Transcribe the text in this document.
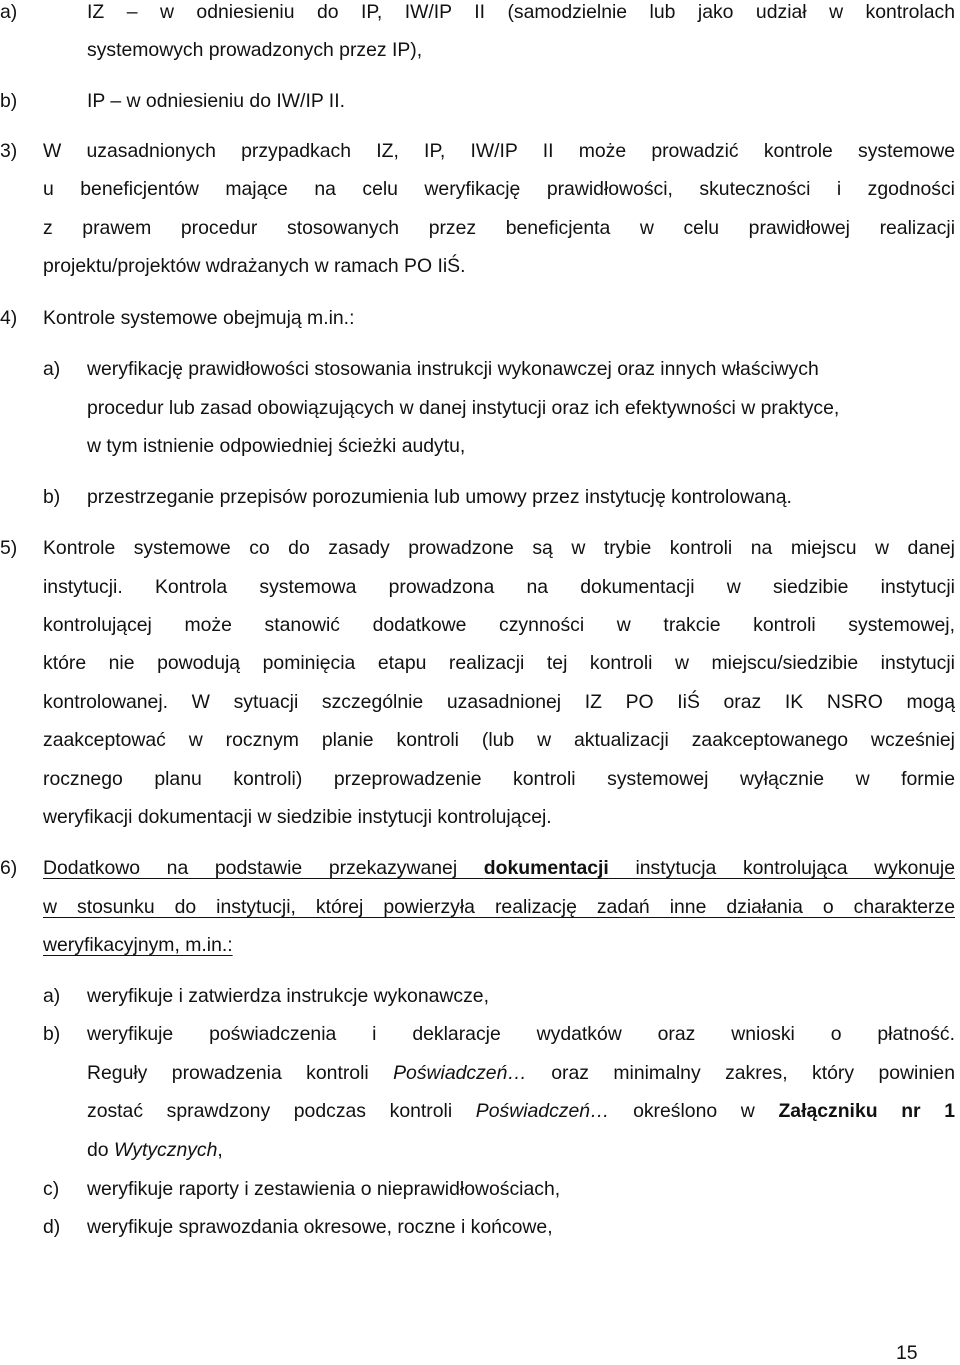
a)	IZ – w odniesieniu do IP, IW/IP II (samodzielnie lub jako udział w kontrolach
systemowych prowadzonych przez IP),
b)	IP – w odniesieniu do IW/IP II.
3) W uzasadnionych przypadkach IZ, IP, IW/IP II może prowadzić kontrole systemowe
u beneficjentów mające na celu weryfikację prawidłowości, skuteczności i zgodności
z prawem procedur stosowanych przez beneficjenta w celu prawidłowej realizacji
projektu/projektów wdrażanych w ramach PO IiŚ.
4) Kontrole systemowe obejmują m.in.:
a) weryfikację prawidłowości stosowania instrukcji wykonawczej oraz innych właściwych
procedur lub zasad obowiązujących w danej instytucji oraz ich efektywności w praktyce,
w tym istnienie odpowiedniej ścieżki audytu,
b) przestrzeganie przepisów porozumienia lub umowy przez instytucję kontrolowaną.
5) Kontrole systemowe co do zasady prowadzone są w trybie kontroli na miejscu w danej
instytucji. Kontrola systemowa prowadzona na dokumentacji w siedzibie instytucji
kontrolującej może stanowić dodatkowe czynności w trakcie kontroli systemowej,
które nie powodują pominięcia etapu realizacji tej kontroli w miejscu/siedzibie instytucji
kontrolowanej. W sytuacji szczególnie uzasadnionej IZ PO IiŚ oraz IK NSRO mogą
zaakceptować w rocznym planie kontroli (lub w aktualizacji zaakceptowanego wcześniej
rocznego planu kontroli) przeprowadzenie kontroli systemowej wyłącznie w formie
weryfikacji dokumentacji w siedzibie instytucji kontrolującej.
6) Dodatkowo na podstawie przekazywanej dokumentacji instytucja kontrolująca wykonuje
w stosunku do instytucji, której powierzyła realizację zadań inne działania o charakterze
weryfikacyjnym, m.in.:
a) weryfikuje i zatwierdza instrukcje wykonawcze,
b) weryfikuje poświadczenia i deklaracje wydatków oraz wnioski o płatność.
Reguły prowadzenia kontroli Poświadczeń… oraz minimalny zakres, który powinien
zostać sprawdzony podczas kontroli Poświadczeń… określono w Załączniku nr 1
do Wytycznych,
c) weryfikuje raporty i zestawienia o nieprawidłowościach,
d) weryfikuje sprawozdania okresowe, roczne i końcowe,
15
